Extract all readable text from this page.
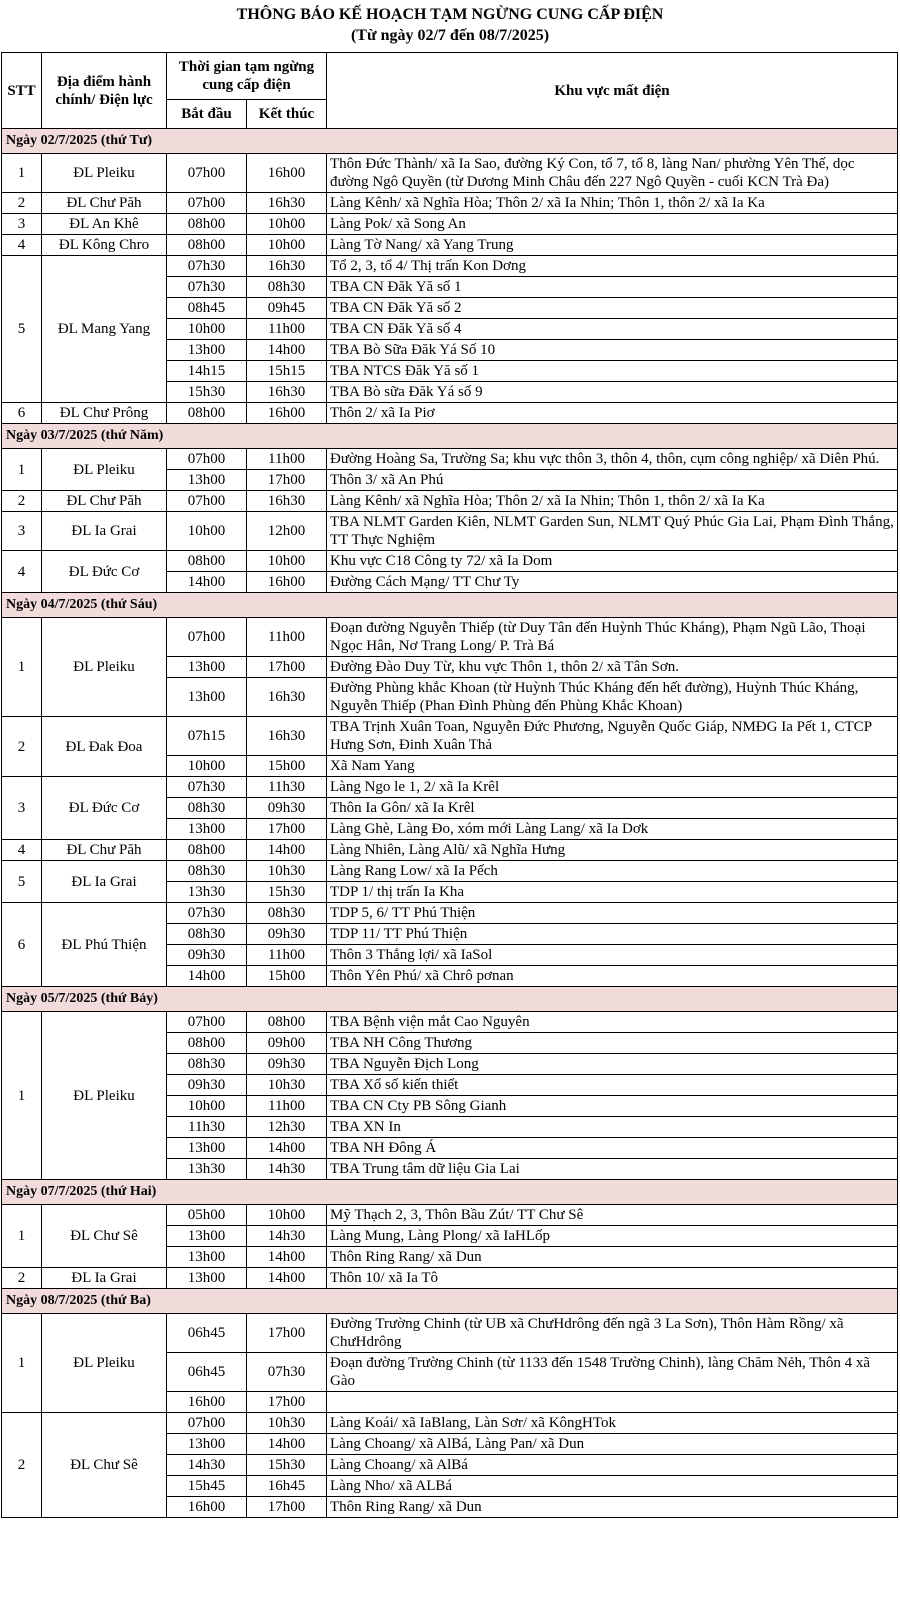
THÔNG BÁO KẾ HOẠCH TẠM NGỪNG CUNG CẤP ĐIỆN
(Từ ngày 02/7 đến 08/7/2025)
STT	Địa điểm hành chính/ Điện lực	Thời gian tạm ngừng cung cấp điện		Khu vực mất điện
		Bắt đầu	Kết thúc	
Ngày 02/7/2025 (thứ Tư)				
1	ĐL Pleiku	07h00	16h00	Thôn Đức Thành/ xã Ia Sao, đường Ký Con, tổ 7, tổ 8, làng Nan/ phường Yên Thế, dọc đường Ngô Quyền (từ Dương Minh Châu đến 227 Ngô Quyền - cuối KCN Trà Đa)
2	ĐL Chư Păh	07h00	16h30	Làng Kênh/ xã Nghĩa Hòa; Thôn 2/ xã Ia Nhin; Thôn 1, thôn 2/ xã Ia Ka
3	ĐL An Khê	08h00	10h00	Làng Pok/ xã Song An
4	ĐL Kông Chro	08h00	10h00	Làng Tờ Nang/ xã Yang Trung
5	ĐL Mang Yang	07h30	16h30	Tổ 2, 3, tổ 4/ Thị trấn Kon Dơng
		07h30	08h30	TBA CN Đăk Yă số 1
		08h45	09h45	TBA CN Đăk Yă số 2
		10h00	11h00	TBA CN Đăk Yă số 4
		13h00	14h00	TBA Bò Sữa Đăk Yá Số 10
		14h15	15h15	TBA NTCS Đăk Yă số 1
		15h30	16h30	TBA Bò sữa Đăk Yá số 9
6	ĐL Chư Prông	08h00	16h00	Thôn 2/ xã Ia Piơ
Ngày 03/7/2025 (thứ Năm)				
1	ĐL Pleiku	07h00	11h00	Đường Hoàng Sa, Trường Sa; khu vực thôn 3, thôn 4, thôn, cụm công nghiệp/ xã Diên Phú.
		13h00	17h00	Thôn 3/ xã An Phú
2	ĐL Chư Păh	07h00	16h30	Làng Kênh/ xã Nghĩa Hòa; Thôn 2/ xã Ia Nhin; Thôn 1, thôn 2/ xã Ia Ka
3	ĐL Ia Grai	10h00	12h00	TBA NLMT Garden Kiên, NLMT Garden Sun, NLMT Quý Phúc Gia Lai, Phạm Đình Thắng, TT Thực Nghiệm
4	ĐL Đức Cơ	08h00	10h00	Khu vực C18 Công ty 72/ xã Ia Dom
		14h00	16h00	Đường Cách Mạng/ TT Chư Ty
Ngày 04/7/2025 (thứ Sáu)				
1	ĐL Pleiku	07h00	11h00	Đoạn đường Nguyễn Thiếp (từ Duy Tân đến Huỳnh Thúc Kháng), Phạm Ngũ Lão, Thoại Ngọc Hân, Nơ Trang Long/ P. Trà Bá
		13h00	17h00	Đường Đào Duy Từ, khu vực Thôn 1, thôn 2/ xã Tân Sơn.
		13h00	16h30	Đường Phùng khắc Khoan (từ Huỳnh Thúc Kháng đến hết đường), Huỳnh Thúc Kháng, Nguyễn Thiếp (Phan Đình Phùng đến Phùng Khắc Khoan)
2	ĐL Đak Đoa	07h15	16h30	TBA Trịnh Xuân Toan, Nguyễn Đức Phương, Nguyễn Quốc Giáp, NMĐG Ia Pết 1, CTCP Hưng Sơn, Đinh Xuân Thả
		10h00	15h00	Xã Nam Yang
3	ĐL Đức Cơ	07h30	11h30	Làng Ngo le 1, 2/ xã Ia Krêl
		08h30	09h30	Thôn Ia Gôn/ xã Ia Krêl
		13h00	17h00	Làng Ghè, Làng Đo, xóm mới Làng Lang/ xã Ia Dơk
4	ĐL Chư Păh	08h00	14h00	Làng Nhiên, Làng Alũ/ xã Nghĩa Hưng
5	ĐL Ia Grai	08h30	10h30	Làng Rang Low/ xã Ia Pếch
		13h30	15h30	TDP 1/ thị trấn Ia Kha
6	ĐL Phú Thiện	07h30	08h30	TDP 5, 6/ TT Phú Thiện
		08h30	09h30	TDP 11/ TT Phú Thiện
		09h30	11h00	Thôn 3 Thắng lợi/ xã IaSol
		14h00	15h00	Thôn Yên Phú/ xã Chrô pơnan
Ngày 05/7/2025 (thứ Bảy)				
1	ĐL Pleiku	07h00	08h00	TBA Bệnh viện mắt Cao Nguyên
		08h00	09h00	TBA NH Công Thương
		08h30	09h30	TBA Nguyễn Địch Long
		09h30	10h30	TBA Xổ số kiến thiết
		10h00	11h00	TBA CN Cty PB Sông Gianh
		11h30	12h30	TBA XN In
		13h00	14h00	TBA NH Đông Á
		13h30	14h30	TBA Trung tâm dữ liệu Gia Lai
Ngày 07/7/2025 (thứ Hai)				
1	ĐL Chư Sê	05h00	10h00	Mỹ Thạch 2, 3, Thôn Bầu Zút/ TT Chư Sê
		13h00	14h30	Làng Mung, Làng Plong/ xã IaHLốp
		13h00	14h00	Thôn Ring Rang/ xã Dun
2	ĐL Ia Grai	13h00	14h00	Thôn 10/ xã Ia Tô
Ngày 08/7/2025 (thứ Ba)				
1	ĐL Pleiku	06h45	17h00	Đường Trường Chinh (từ UB xã ChưHdrông đến ngã 3 La Sơn), Thôn Hàm Rồng/ xã ChưHdrông
		06h45	07h30	Đoạn đường Trường Chinh (từ 1133 đến 1548 Trường Chinh), làng Chăm Nẻh, Thôn 4 xã Gào
		16h00	17h00	
2	ĐL Chư Sê	07h00	10h30	Làng Koái/ xã IaBlang, Làn Sơr/ xã KôngHTok
		13h00	14h00	Làng Choang/ xã AlBá, Làng Pan/ xã Dun
		14h30	15h30	Làng Choang/ xã AlBá
		15h45	16h45	Làng Nho/ xã ALBá
		16h00	17h00	Thôn Ring Rang/ xã Dun
